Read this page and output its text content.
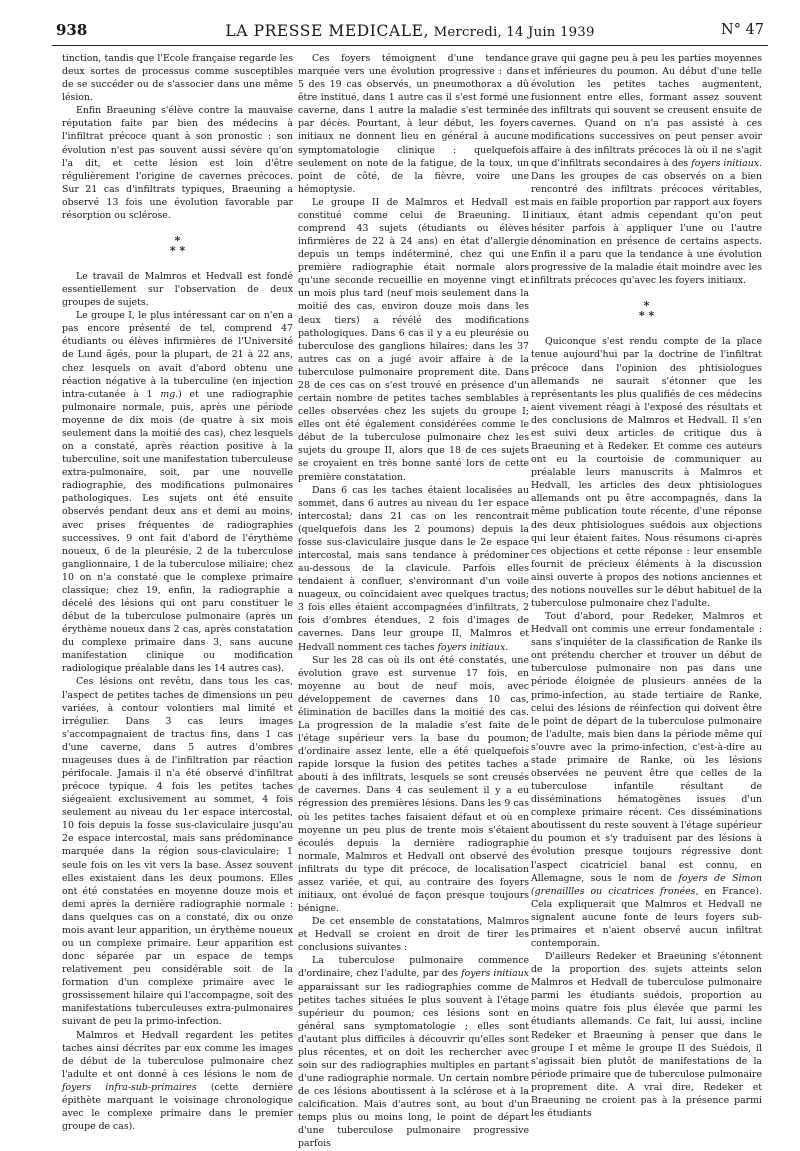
938	LA PRESSE MEDICALE, Mercredi, 14 Juin 1939	N° 47

tinction, tandis que l'Ecole française regarde les deux sortes de processus comme susceptibles de se succéder ou de s'associer dans une même lésion.

Enfin Braeuning s'élève contre la mauvaise réputation faite par bien des médecins à l'infiltrat précoce quant à son pronostic : son évolution n'est pas souvent aussi sévère qu'on l'a dit, et cette lésion est loin d'être régulièrement l'origine de cavernes précoces. Sur 21 cas d'infiltrats typiques, Braeuning a observé 13 fois une évolution favorable par résorption ou sclérose.

*
* *

Le travail de Malmros et Hedvall est fondé essentiellement sur l'observation de deux groupes de sujets.

Le groupe I, le plus intéressant car on n'en a pas encore présenté de tel, comprend 47 étudiants ou élèves infirmières de l'Université de Lund âgés, pour la plupart, de 21 à 22 ans, chez lesquels on avait d'abord obtenu une réaction négative à la tuberculine (en injection intra-cutanée à 1 mg.) et une radiographie pulmonaire normale, puis, après une période moyenne de dix mois (de quatre à six mois seulement dans la moitié des cas), chez lesquels on a constaté, après réaction positive à la tuberculine, soit une manifestation tuberculeuse extra-pulmonaire, soit, par une nouvelle radiographie, des modifications pulmonaires pathologiques. Les sujets ont été ensuite observés pendant deux ans et demi au moins, avec prises fréquentes de radiographies successives. 9 ont fait d'abord de l'érythème noueux, 6 de la pleurésie, 2 de la tuberculose ganglionnaire, 1 de la tuberculose miliaire; chez 10 on n'a constaté que le complexe primaire classique; chez 19, enfin, la radiographie a décelé des lésions qui ont paru constituer le début de la tuberculose pulmonaire (après un érythème noueux dans 2 cas, après constatation du complexe primaire dans 3, sans aucune manifestation clinique ou modification radiologique préalable dans les 14 autres cas).

Ces lésions ont revêtu, dans tous les cas, l'aspect de petites taches de dimensions un peu variées, à contour volontiers mal limité et irrégulier. Dans 3 cas leurs images s'accompagnaient de tractus fins, dans 1 cas d'une caverne, dans 5 autres d'ombres nuageuses dues à de l'infiltration par réaction périfocale. Jamais il n'a été observé d'infiltrat précoce typique. 4 fois les petites taches siégeaient exclusivement au sommet, 4 fois seulement au niveau du 1er espace intercostal, 10 fois depuis la fosse sus-claviculaire jusqu'au 2e espace intercostal, mais sans prédominance marquée dans la région sous-claviculaire; 1 seule fois on les vit vers la base. Assez souvent elles existaient dans les deux poumons. Elles ont été constatées en moyenne douze mois et demi après la dernière radiographie normale : dans quelques cas on a constaté, dix ou onze mois avant leur apparition, un érythème noueux ou un complexe primaire. Leur apparition est donc séparée par un espace de temps relativement peu considérable soit de la formation d'un complexe primaire avec le grossissement hilaire qui l'accompagne, soit des manifestations tuberculeuses extra-pulmonaires suivant de peu la primo-infection.

Malmros et Hedvall regardent les petites taches ainsi décrites par eux comme les images de début de la tuberculose pulmonaire chez l'adulte et ont donné à ces lésions le nom de foyers infra-sub-primaires (cette dernière épithète marquant le voisinage chronologique avec le complexe primaire dans le premier groupe de cas).

Ces foyers témoignent d'une tendance marquée vers une évolution progressive : dans 5 des 19 cas observés, un pneumothorax a dû être institué, dans 1 autre cas il s'est formé une caverne, dans 1 autre la maladie s'est terminée par décès. Pourtant, à leur début, les foyers initiaux ne donnent lieu en général à aucune symptomatologie clinique : quelquefois seulement on note de la fatigue, de la toux, un point de côté, de la fièvre, voire une hémoptysie.

Le groupe II de Malmros et Hedvall est constitué comme celui de Braeuning. Il comprend 43 sujets (étudiants ou élèves infirmières de 22 à 24 ans) en état d'allergie depuis un temps indéterminé, chez qui une première radiographie était normale alors qu'une seconde recueillie en moyenne vingt et un mois plus tard (neuf mois seulement dans la moitié des cas, environ douze mois dans les deux tiers) a révélé des modifications pathologiques. Dans 6 cas il y a eu pleurésie ou tuberculose des ganglions hilaires; dans les 37 autres cas on a jugé avoir affaire à de la tuberculose pulmonaire proprement dite. Dans 28 de ces cas on s'est trouvé en présence d'un certain nombre de petites taches semblables à celles observées chez les sujets du groupe I; elles ont été également considérées comme le début de la tuberculose pulmonaire chez les sujets du groupe II, alors que 18 de ces sujets se croyaient en très bonne santé lors de cette première constatation.

Dans 6 cas les taches étaient localisées au sommet, dans 6 autres au niveau du 1er espace intercostal; dans 21 cas on les rencontrait (quelquefois dans les 2 poumons) depuis la fosse sus-claviculaire jusque dans le 2e espace intercostal, mais sans tendance à prédominer au-dessous de la clavicule. Parfois elles tendaient à confluer, s'environnant d'un voile nuageux, ou coïncidaient avec quelques tractus; 3 fois elles étaient accompagnées d'infiltrats, 2 fois d'ombres étendues, 2 fois d'images de cavernes. Dans leur groupe II, Malmros et Hedvall nomment ces taches foyers initiaux.

Sur les 28 cas où ils ont été constatés, une évolution grave est survenue 17 fois, en moyenne au bout de neuf mois, avec développement de cavernes dans 10 cas, élimination de bacilles dans la moitié des cas. La progression de la maladie s'est faite de l'étage supérieur vers la base du poumon; d'ordinaire assez lente, elle a été quelquefois rapide lorsque la fusion des petites taches a abouti à des infiltrats, lesquels se sont creusés de cavernes. Dans 4 cas seulement il y a eu régression des premières lésions. Dans les 9 cas où les petites taches faisaient défaut et où en moyenne un peu plus de trente mois s'étaient écoulés depuis la dernière radiographie normale, Malmros et Hedvall ont observé des infiltrats du type dit précoce, de localisation assez variée, et qui, au contraire des foyers initiaux, ont évolué de façon presque toujours bénigne.

De cet ensemble de constatations, Malmros et Hedvall se croient en droit de tirer les conclusions suivantes :

La tuberculose pulmonaire commence d'ordinaire, chez l'adulte, par des foyers initiaux apparaissant sur les radiographies comme de petites taches situées le plus souvent à l'étage supérieur du poumon; ces lésions sont en général sans symptomatologie ; elles sont d'autant plus difficiles à découvrir qu'elles sont plus récentes, et on doit les rechercher avec soin sur des radiographies multiples en partant d'une radiographie normale. Un certain nombre de ces lésions aboutissent à la sclérose et à la calcification. Mais d'autres sont, au bout d'un temps plus ou moins long, le point de départ d'une tuberculose pulmonaire progressive parfois

grave qui gagne peu à peu les parties moyennes et inférieures du poumon. Au début d'une telle évolution les petites taches augmentent, fusionnent entre elles, formant assez souvent des infiltrats qui souvent se creusent ensuite de cavernes. Quand on n'a pas assisté à ces modifications successives on peut penser avoir affaire à des infiltrats précoces là où il ne s'agit que d'infiltrats secondaires à des foyers initiaux. Dans les groupes de cas observés on a bien rencontré des infiltrats précoces véritables, mais en faible proportion par rapport aux foyers initiaux, étant admis cependant qu'on peut hésiter parfois à appliquer l'une ou l'autre dénomination en présence de certains aspects. Enfin il a paru que la tendance à une évolution progressive de la maladie était moindre avec les infiltrats précoces qu'avec les foyers initiaux.

*
* *

Quiconque s'est rendu compte de la place tenue aujourd'hui par la doctrine de l'infiltrat précoce dans l'opinion des phtisiologues allemands ne saurait s'étonner que les représentants les plus qualifiés de ces médecins aient vivement réagi à l'exposé des résultats et des conclusions de Malmros et Hedvall. Il s'en est suivi deux articles de critique dus à Braeuning et à Redeker. Et comme ces auteurs ont eu la courtoisie de communiquer au préalable leurs manuscrits à Malmros et Hedvall, les articles des deux phtisiologues allemands ont pu être accompagnés, dans la même publication toute récente, d'une réponse des deux phtisiologues suédois aux objections qui leur étaient faites. Nous résumons ci-après ces objections et cette réponse : leur ensemble fournit de précieux éléments à la discussion ainsi ouverte à propos des notions anciennes et des notions nouvelles sur le début habituel de la tuberculose pulmonaire chez l'adulte.

Tout d'abord, pour Redeker, Malmros et Hedvall ont commis une erreur fondamentale : sans s'inquiéter de la classification de Ranke ils ont prétendu chercher et trouver un début de tuberculose pulmonaire non pas dans une période éloignée de plusieurs années de la primo-infection, au stade tertiaire de Ranke, celui des lésions de réinfection qui doivent être le point de départ de la tuberculose pulmonaire de l'adulte, mais bien dans la période même qui s'ouvre avec la primo-infection, c'est-à-dire au stade primaire de Ranke, où les lésions observées ne peuvent être que celles de la tuberculose infantile résultant de disséminations hématogènes issues d'un complexe primaire récent. Ces disséminations aboutissent du reste souvent à l'étage supérieur du poumon et s'y traduisent par des lésions à évolution presque toujours régressive dont l'aspect cicatriciel banal est connu, en Allemagne, sous le nom de foyers de Simon (grenaillles ou cicatrices fronées, en France). Cela expliquerait que Malmros et Hedvall ne signalent aucune fonte de leurs foyers sub-primaires et n'aient observé aucun infiltrat contemporain.

D'ailleurs Redeker et Braeuning s'étonnent de la proportion des sujets atteints selon Malmros et Hedvall de tuberculose pulmonaire parmi les étudiants suédois, proportion au moins quatre fois plus élevée que parmi les étudiants allemands. Ce fait, lui aussi, incline Redeker et Braeuning à penser que dans le groupe I et même le groupe II des Suédois, il s'agissait bien plutôt de manifestations de la période primaire que de tuberculose pulmonaire proprement dite. A vrai dire, Redeker et Braeuning ne croient pas à la présence parmi les étudiants
